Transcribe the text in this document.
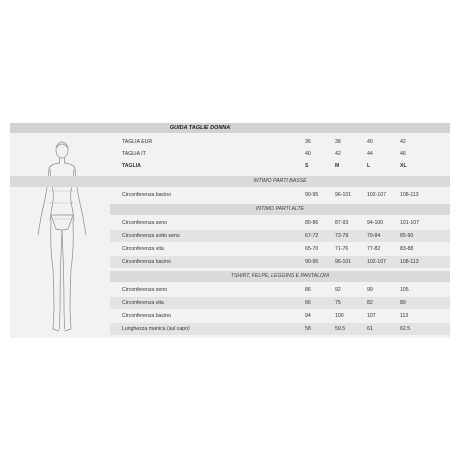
GUIDA TAGLIE DONNA
TAGLIA EUR	36	38	40	42
TAGLIA IT	40	42	44	46
TAGLIA	S	M	L	XL
INTIMO PARTI BASSE
Circonferenza bacino	90-95	96-101	102-107	108-113
INTIMO PARTI ALTE
Circonferenza seno	80-86	87-93	94-100	101-107
Circonferenza sotto seno	67-72	73-79	79-84	85-90
Circonferenza vita	65-70	71-76	77-82	83-88
Circonferenza bacino	90-95	96-101	102-107	108-113
TSHIRT, FELPE, LEGGINS E PANTALONI
Circonferenza seno	86	92	99	105
Circonferenza vita	66	75	82	89
Circonferenza bacino	94	100	107	113
Lunghezza manica (sul capo)	58	59.5	61	62.5
